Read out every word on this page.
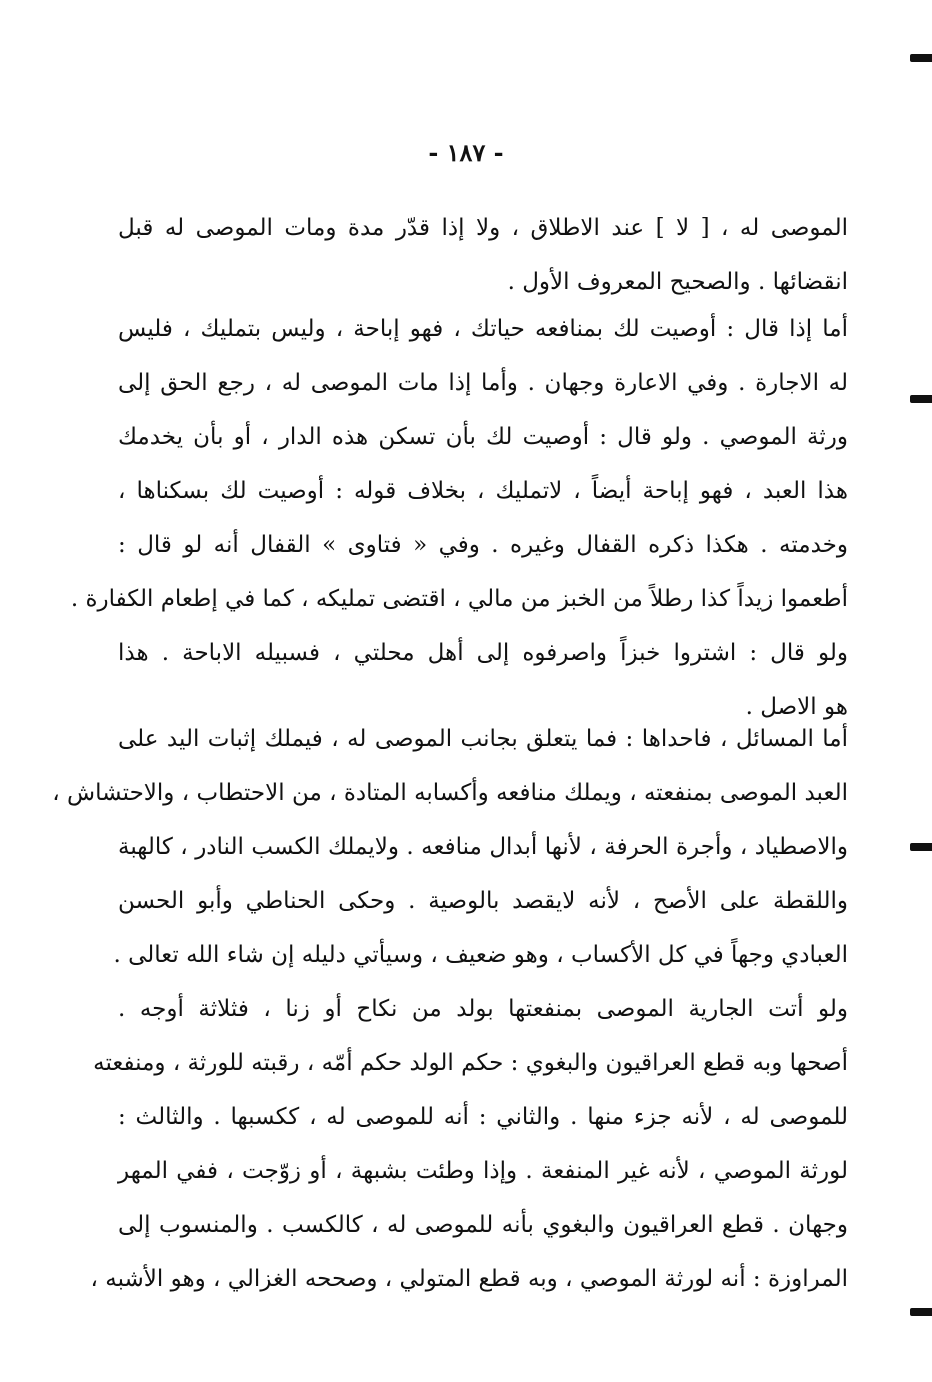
- ١٨٧ -
الموصى له ، [ لا ] عند الاطلاق ، ولا إذا قدّر مدة ومات الموصى له قبل
انقضائها . والصحيح المعروف الأول .
أما إذا قال : أوصيت لك بمنافعه حياتك ، فهو إباحة ، وليس بتمليك ، فليس
له الاجارة . وفي الاعارة وجهان . وأما إذا مات الموصى له ، رجع الحق إلى
ورثة الموصي . ولو قال : أوصيت لك بأن تسكن هذه الدار ، أو بأن يخدمك
هذا العبد ، فهو إباحة أيضاً ، لاتمليك ، بخلاف قوله : أوصيت لك بسكناها ،
وخدمته . هكذا ذكره القفال وغيره . وفي « فتاوى » القفال أنه لو قال :
أطعموا زيداً كذا رطلاً من الخبز من مالي ، اقتضى تمليكه ، كما في إطعام الكفارة .
ولو قال : اشتروا خبزاً واصرفوه إلى أهل محلتي ، فسبيله الاباحة . هذا
هو الاصل .
أما المسائل ، فاحداها : فما يتعلق بجانب الموصى له ، فيملك إثبات اليد على
العبد الموصى بمنفعته ، ويملك منافعه وأكسابه المتادة ، من الاحتطاب ، والاحتشاش ،
والاصطياد ، وأجرة الحرفة ، لأنها أبدال منافعه . ولايملك الكسب النادر ، كالهبة
واللقطة على الأصح ، لأنه لايقصد بالوصية . وحكى الحناطي وأبو الحسن
العبادي وجهاً في كل الأكساب ، وهو ضعيف ، وسيأتي دليله إن شاء الله تعالى .
ولو أتت الجارية الموصى بمنفعتها بولد من نكاح أو زنا ، فثلاثة أوجه .
أصحها وبه قطع العراقيون والبغوي : حكم الولد حكم أمّه ، رقبته للورثة ، ومنفعته
للموصى له ، لأنه جزء منها . والثاني : أنه للموصى له ، ككسبها . والثالث :
لورثة الموصي ، لأنه غير المنفعة . وإذا وطئت بشبهة ، أو زوّجت ، ففي المهر
وجهان . قطع العراقيون والبغوي بأنه للموصى له ، كالكسب . والمنسوب إلى
المراوزة : أنه لورثة الموصي ، وبه قطع المتولي ، وصححه الغزالي ، وهو الأشبه ،
